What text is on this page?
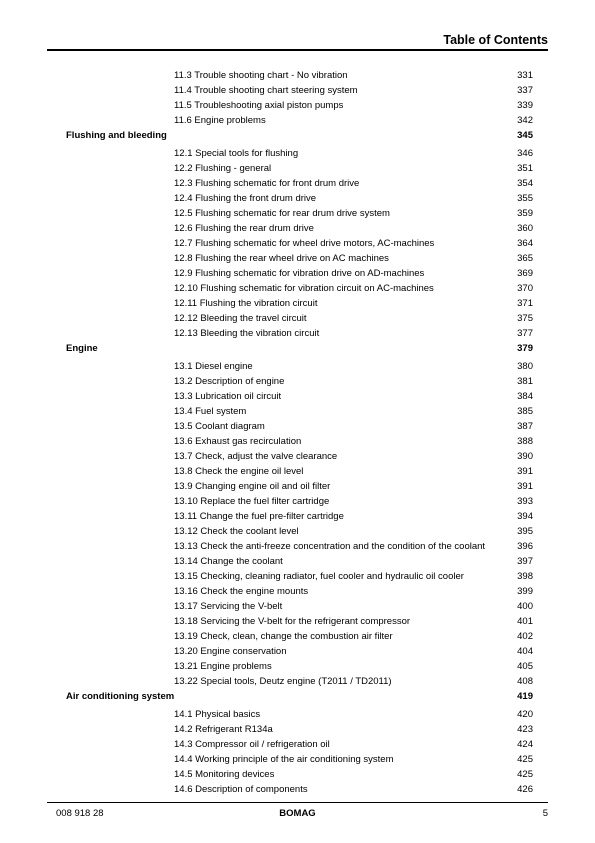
Table of Contents
11.3 Trouble shooting chart - No vibration	331
11.4 Trouble shooting chart steering system	337
11.5 Troubleshooting axial piston pumps	339
11.6 Engine problems	342
Flushing and bleeding	345
12.1 Special tools for flushing	346
12.2 Flushing - general	351
12.3 Flushing schematic for front drum drive	354
12.4 Flushing the front drum drive	355
12.5 Flushing schematic for rear drum drive system	359
12.6 Flushing the rear drum drive	360
12.7 Flushing schematic for wheel drive motors, AC-machines	364
12.8 Flushing the rear wheel drive on AC machines	365
12.9 Flushing schematic for vibration drive on AD-machines	369
12.10 Flushing schematic for vibration circuit on AC-machines	370
12.11 Flushing the vibration circuit	371
12.12 Bleeding the travel circuit	375
12.13 Bleeding the vibration circuit	377
Engine	379
13.1 Diesel engine	380
13.2 Description of engine	381
13.3 Lubrication oil circuit	384
13.4 Fuel system	385
13.5 Coolant diagram	387
13.6 Exhaust gas recirculation	388
13.7 Check, adjust the valve clearance	390
13.8 Check the engine oil level	391
13.9 Changing engine oil and oil filter	391
13.10 Replace the fuel filter cartridge	393
13.11 Change the fuel pre-filter cartridge	394
13.12 Check the coolant level	395
13.13 Check the anti-freeze concentration and the condition of the coolant	396
13.14 Change the coolant	397
13.15 Checking, cleaning radiator, fuel cooler and hydraulic oil cooler	398
13.16 Check the engine mounts	399
13.17 Servicing the V-belt	400
13.18 Servicing the V-belt for the refrigerant compressor	401
13.19 Check, clean, change the combustion air filter	402
13.20 Engine conservation	404
13.21 Engine problems	405
13.22 Special tools, Deutz engine (T2011 / TD2011)	408
Air conditioning system	419
14.1 Physical basics	420
14.2 Refrigerant R134a	423
14.3 Compressor oil / refrigeration oil	424
14.4 Working principle of the air conditioning system	425
14.5 Monitoring devices	425
14.6 Description of components	426
008 918 28	BOMAG	5
